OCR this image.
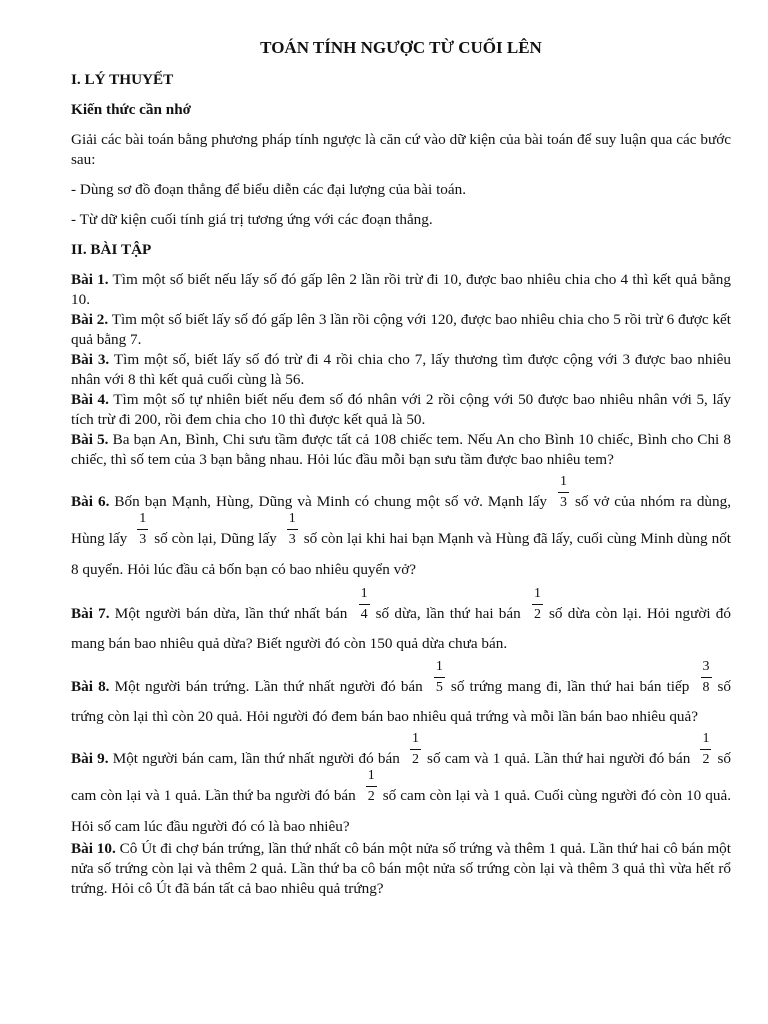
TOÁN TÍNH NGƯỢC TỪ CUỐI LÊN
I. LÝ THUYẾT
Kiến thức cần nhớ
Giải các bài toán bằng phương pháp tính ngược là căn cứ vào dữ kiện của bài toán để suy luận qua các bước sau:
- Dùng sơ đồ đoạn thẳng để biểu diễn các đại lượng của bài toán.
- Từ dữ kiện cuối tính giá trị tương ứng với các đoạn thẳng.
II. BÀI TẬP
Bài 1. Tìm một số biết nếu lấy số đó gấp lên 2 lần rồi trừ đi 10, được bao nhiêu chia cho 4 thì kết quả bằng 10.
Bài 2. Tìm một số biết lấy số đó gấp lên 3 lần rồi cộng với 120, được bao nhiêu chia cho 5 rồi trừ 6 được kết quả bằng 7.
Bài 3. Tìm một số, biết lấy số đó trừ đi 4 rồi chia cho 7, lấy thương tìm được cộng với 3 được bao nhiêu nhân với 8 thì kết quả cuối cùng là 56.
Bài 4. Tìm một số tự nhiên biết nếu đem số đó nhân với 2 rồi cộng với 50 được bao nhiêu nhân với 5, lấy tích trừ đi 200, rồi đem chia cho 10 thì được kết quả là 50.
Bài 5. Ba bạn An, Bình, Chi sưu tầm được tất cả 108 chiếc tem. Nếu An cho Bình 10 chiếc, Bình cho Chi 8 chiếc, thì số tem của 3 bạn bằng nhau. Hỏi lúc đầu mỗi bạn sưu tầm được bao nhiêu tem?
Bài 6. Bốn bạn Mạnh, Hùng, Dũng và Minh có chung một số vở. Mạnh lấy $\frac{1}{3}$ số vở của nhóm ra dùng, Hùng lấy $\frac{1}{3}$ số còn lại, Dũng lấy $\frac{1}{3}$ số còn lại khi hai bạn Mạnh và Hùng đã lấy, cuối cùng Minh dùng nốt 8 quyển. Hỏi lúc đầu cả bốn bạn có bao nhiêu quyển vở?
Bài 7. Một người bán dừa, lần thứ nhất bán $\frac{1}{4}$ số dừa, lần thứ hai bán $\frac{1}{2}$ số dừa còn lại. Hỏi người đó mang bán bao nhiêu quả dừa? Biết người đó còn 150 quả dừa chưa bán.
Bài 8. Một người bán trứng. Lần thứ nhất người đó bán $\frac{1}{5}$ số trứng mang đi, lần thứ hai bán tiếp $\frac{3}{8}$ số trứng còn lại thì còn 20 quả. Hỏi người đó đem bán bao nhiêu quả trứng và mỗi lần bán bao nhiêu quả?
Bài 9. Một người bán cam, lần thứ nhất người đó bán $\frac{1}{2}$ số cam và 1 quả. Lần thứ hai người đó bán $\frac{1}{2}$ số cam còn lại và 1 quả. Lần thứ ba người đó bán $\frac{1}{2}$ số cam còn lại và 1 quả. Cuối cùng người đó còn 10 quả. Hỏi số cam lúc đầu người đó có là bao nhiêu?
Bài 10. Cô Út đi chợ bán trứng, lần thứ nhất cô bán một nửa số trứng và thêm 1 quả. Lần thứ hai cô bán một nửa số trứng còn lại và thêm 2 quả. Lần thứ ba cô bán một nửa số trứng còn lại và thêm 3 quả thì vừa hết rổ trứng. Hỏi cô Út đã bán tất cả bao nhiêu quả trứng?
